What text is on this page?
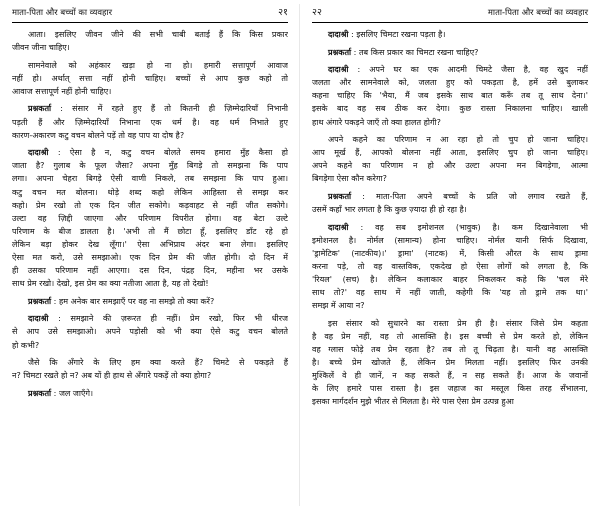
माता-पिता और बच्चों का व्यवहार	२१
आता। इसलिए जीवन जीने की सभी चाबी बताई हैं कि किस प्रकार
जीवन जीना चाहिए।
सामनेवाले को अहंकार खड़ा हो ना हो। हमारी सत्तापूर्ण आवाज
नहीं हो। अर्थात् सत्ता नहीं होनी चाहिए। बच्चों से आप कुछ कहो तो
आवाज सत्तापूर्ण नहीं होनी चाहिए।
प्रश्नकर्ता : संसार में रहते हुए हैं तो कितनी ही ज़िम्मेदारियाँ निभानी
पड़ती हैं और ज़िम्मेदारियाँ निभाना एक धर्म है। वह धर्म निभाते हुए
कारण-अकारण कटु वचन बोलने पड़ें तो वह पाप या दोष है?
दादाश्री : ऐसा है न, कटु वचन बोलते समय हमारा मुँह कैसा हो
जाता है? गुलाब के फूल जैसा? अपना मुँह बिगड़े तो समझना कि पाप
लगा। अपना चेहरा बिगड़े ऐसी वाणी निकले, तब समझना कि पाप हुआ।
कटु वचन मत बोलना। थोड़े शब्द कहो लेकिन आहिस्ता से समझ कर
कहो। प्रेम रखो तो एक दिन जीत सकोगे। कड़वाहट से नहीं जीत सकोगे।
उल्टा वह ज़िद्दी जाएगा और परिणाम विपरीत होगा। वह बेटा उल्टे
परिणाम के बीज डालता है। 'अभी तो मैं छोटा हूँ, इसलिए डाँट रहे हो
लेकिन बड़ा होकर देख लूँगा।' ऐसा अभिप्राय अंदर बना लेगा। इसलिए
ऐसा मत करो, उसे समझाओ। एक दिन प्रेम की जीत होगी। दो दिन में
ही उसका परिणाम नहीं आएगा। दस दिन, पंद्रह दिन, महीना भर उसके
साथ प्रेम रखो। देखो, इस प्रेम का क्या नतीजा आता है, यह तो देखो!
प्रश्नकर्ता : हम अनेक बार समझाएँ पर वह ना समझे तो क्या करें?
दादाश्री : समझाने की ज़रूरत ही नहीं। प्रेम रखो, फिर भी धीरज
से आप उसे समझाओ। अपने पड़ोसी को भी क्या ऐसे कटु वचन बोलते
हो कभी?
जैसे कि अँगारे के लिए हम क्या करते हैं? चिमटे से पकड़ते हैं
न? चिमटा रखते हो न? अब यों ही हाथ से अँगारे पकड़ें तो क्या होगा?
प्रश्नकर्ता : जल जाएँगे।
२२	माता-पिता और बच्चों का व्यवहार
दादाश्री : इसलिए चिमटा रखना पड़ता है।
प्रश्नकर्ता : तब किस प्रकार का चिमटा रखना चाहिए?
दादाश्री : अपने घर का एक आदमी चिमटे जैसा है, वह खुद नहीं
जलता और सामनेवाले को, जलता हुए को पकड़ता है, हमें उसे बुलाकर
कहना चाहिए कि 'भैया, मैं जब इसके साथ बात करूँ तब तू साथ देना।'
इसके बाद वह सब ठीक कर देगा। कुछ रास्ता निकालना चाहिए। खाली
हाथ अंगारे पकड़ने जाएँ तो क्या हालत होगी?
अपने कहने का परिणाम न आ रहा हो तो चुप हो जाना चाहिए।
आप मूर्ख हैं, आपको बोलना नहीं आता, इसलिए चुप हो जाना चाहिए।
अपने कहने का परिणाम न हो और उल्टा अपना मन बिगड़ेगा, आत्मा
बिगड़ेगा ऐसा कौन करेगा?
प्रश्नकर्ता : माता-पिता अपने बच्चों के प्रति जो लगाव रखते हैं,
उसमें कहाँ भार लगता है कि कुछ ज़्यादा ही हो रहा है।
दादाश्री : वह सब इमोशनल (भावुक) है। कम दिखानेवाला भी
इमोशनल है। नोर्मल (सामान्य) होना चाहिए। नोर्मल यानी सिर्फ दिखावा,
'ड्रामेटिक' (नाटकीय)।' ड्रामा' (नाटक) में, किसी औरत के साथ ड्रामा
करना पड़े, तो वह वास्तविक, एकदेख हो ऐसा लोगों को लगता है, कि
'रियल' (सच) है। लेकिन कलाकार बाहर निकलकर कहे कि 'चल मेरे
साथ तो?' वह साथ में नहीं जाती, कहेगी कि 'यह तो ड्रामे तक था।'
समझ में आया न?
इस संसार को सुधारने का रास्ता प्रेम ही है। संसार जिसे प्रेम कहता
है वह प्रेम नहीं, वह तो आसक्ति है। इस बच्ची से प्रेम करते हो, लेकिन
वह ग्लास फोड़े तब प्रेम रहता है? तब तो तू चिढ़ता है। यानी वह आसक्ति
है। बच्चे प्रेम खोजते हैं, लेकिन प्रेम मिलता नहीं। इसलिए फिर उनकी
मुश्किलें वे ही जानें, न कह सकते हैं, न सह सकते हैं। आज के जवानों
के लिए हमारे पास रास्ता है। इस जहाज का मस्तूल किस तरह सँभालना,
इसका मार्गदर्शन मुझे भीतर से मिलता है। मेरे पास ऐसा प्रेम उत्पन्न हुआ
